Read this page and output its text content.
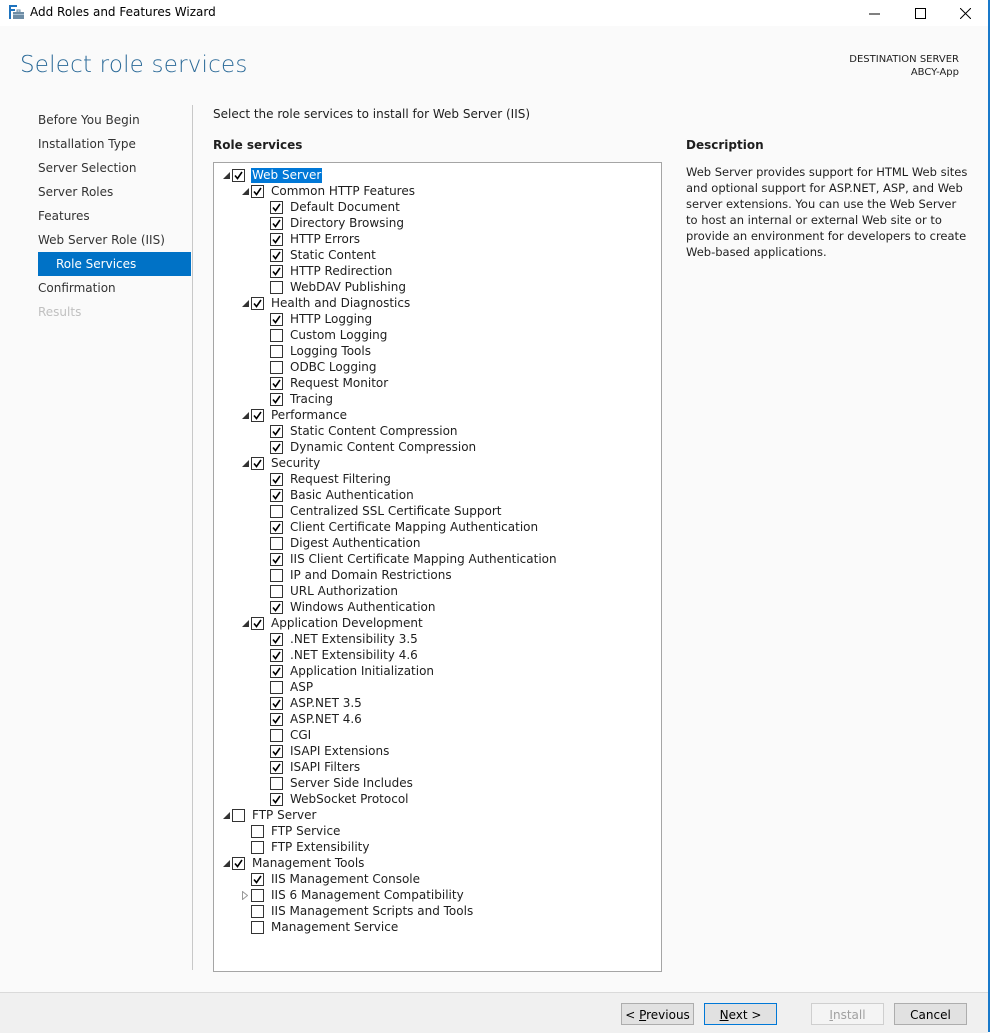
Add Roles and Features Wizard
Select role services	DESTINATION SERVER
ABCY-App
Before You Begin
Installation Type
Server Selection
Server Roles
Features
Web Server Role (IIS)
Role Services
Confirmation
Results
Select the role services to install for Web Server (IIS)
Role services
Web Server
Common HTTP Features
Default Document
Directory Browsing
HTTP Errors
Static Content
HTTP Redirection
WebDAV Publishing
Health and Diagnostics
HTTP Logging
Custom Logging
Logging Tools
ODBC Logging
Request Monitor
Tracing
Performance
Static Content Compression
Dynamic Content Compression
Security
Request Filtering
Basic Authentication
Centralized SSL Certificate Support
Client Certificate Mapping Authentication
Digest Authentication
IIS Client Certificate Mapping Authentication
IP and Domain Restrictions
URL Authorization
Windows Authentication
Application Development
.NET Extensibility 3.5
.NET Extensibility 4.6
Application Initialization
ASP
ASP.NET 3.5
ASP.NET 4.6
CGI
ISAPI Extensions
ISAPI Filters
Server Side Includes
WebSocket Protocol
FTP Server
FTP Service
FTP Extensibility
Management Tools
IIS Management Console
IIS 6 Management Compatibility
IIS Management Scripts and Tools
Management Service
Description
Web Server provides support for HTML Web sites and optional support for ASP.NET, ASP, and Web server extensions. You can use the Web Server to host an internal or external Web site or to provide an environment for developers to create Web-based applications.
< Previous	Next >	Install	Cancel
